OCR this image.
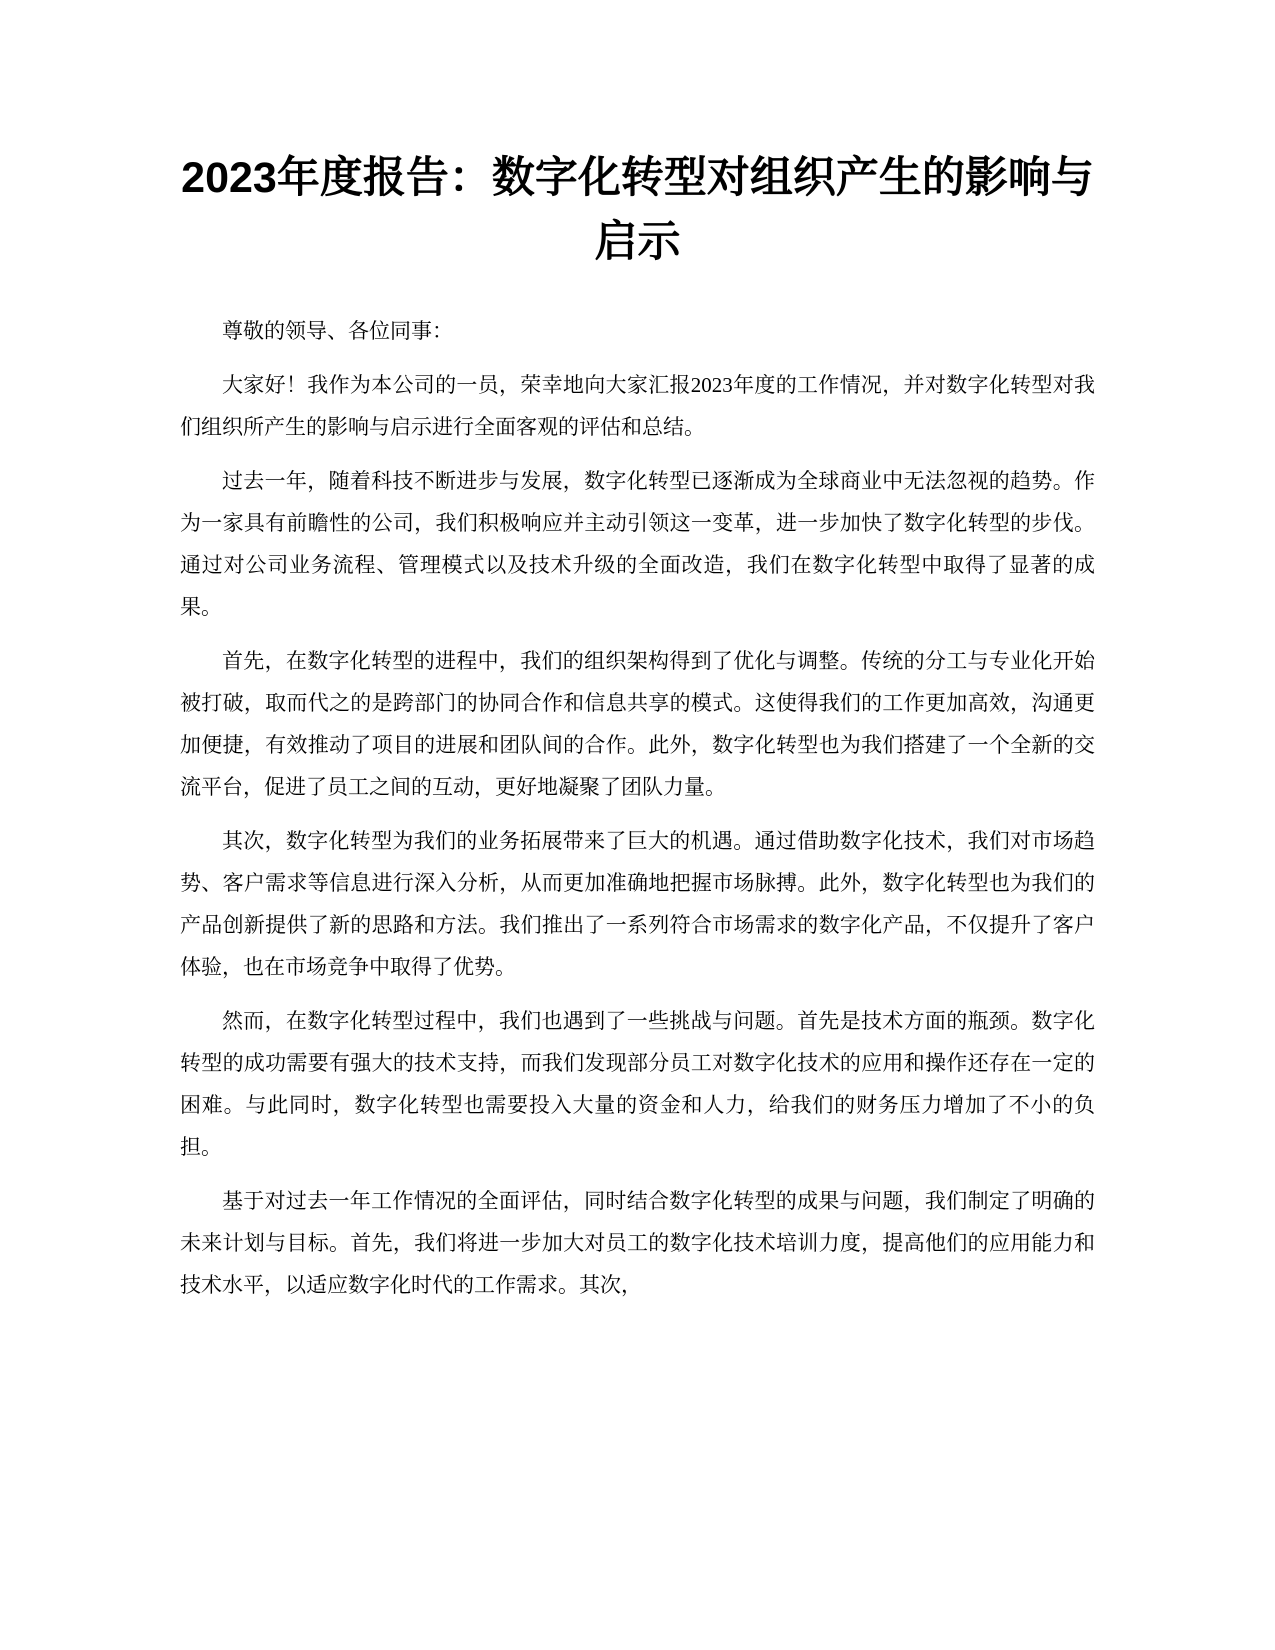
2023年度报告：数字化转型对组织产生的影响与启示

尊敬的领导、各位同事：

大家好！我作为本公司的一员，荣幸地向大家汇报2023年度的工作情况，并对数字化转型对我们组织所产生的影响与启示进行全面客观的评估和总结。

过去一年，随着科技不断进步与发展，数字化转型已逐渐成为全球商业中无法忽视的趋势。作为一家具有前瞻性的公司，我们积极响应并主动引领这一变革，进一步加快了数字化转型的步伐。通过对公司业务流程、管理模式以及技术升级的全面改造，我们在数字化转型中取得了显著的成果。

首先，在数字化转型的进程中，我们的组织架构得到了优化与调整。传统的分工与专业化开始被打破，取而代之的是跨部门的协同合作和信息共享的模式。这使得我们的工作更加高效，沟通更加便捷，有效推动了项目的进展和团队间的合作。此外，数字化转型也为我们搭建了一个全新的交流平台，促进了员工之间的互动，更好地凝聚了团队力量。

其次，数字化转型为我们的业务拓展带来了巨大的机遇。通过借助数字化技术，我们对市场趋势、客户需求等信息进行深入分析，从而更加准确地把握市场脉搏。此外，数字化转型也为我们的产品创新提供了新的思路和方法。我们推出了一系列符合市场需求的数字化产品，不仅提升了客户体验，也在市场竞争中取得了优势。

然而，在数字化转型过程中，我们也遇到了一些挑战与问题。首先是技术方面的瓶颈。数字化转型的成功需要有强大的技术支持，而我们发现部分员工对数字化技术的应用和操作还存在一定的困难。与此同时，数字化转型也需要投入大量的资金和人力，给我们的财务压力增加了不小的负担。

基于对过去一年工作情况的全面评估，同时结合数字化转型的成果与问题，我们制定了明确的未来计划与目标。首先，我们将进一步加大对员工的数字化技术培训力度，提高他们的应用能力和技术水平，以适应数字化时代的工作需求。其次，
